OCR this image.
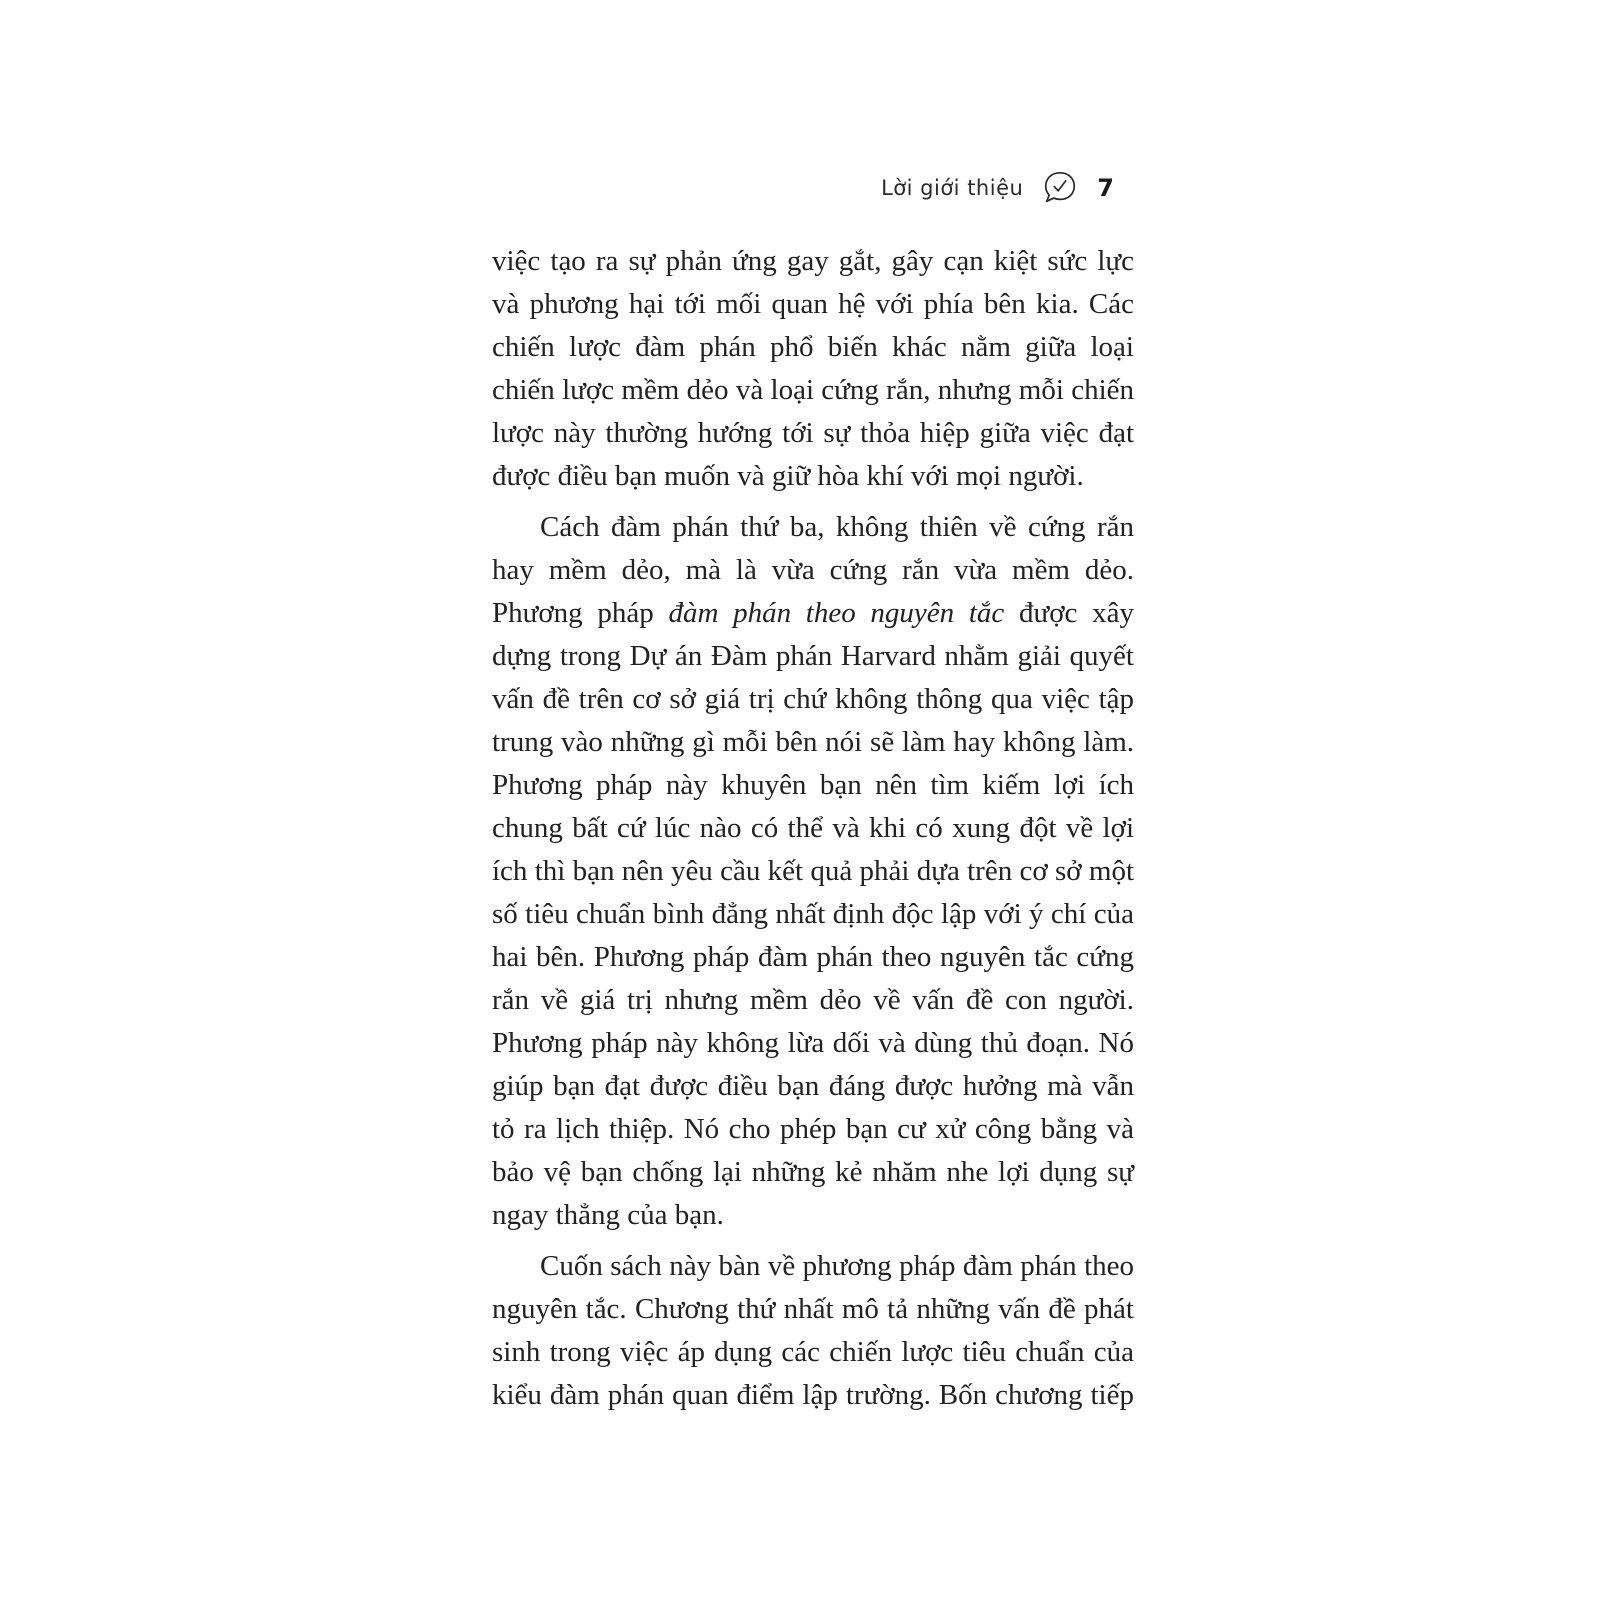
Lời giới thiệu	7

việc tạo ra sự phản ứng gay gắt, gây cạn kiệt sức lực và phương hại tới mối quan hệ với phía bên kia. Các chiến lược đàm phán phổ biến khác nằm giữa loại chiến lược mềm dẻo và loại cứng rắn, nhưng mỗi chiến lược này thường hướng tới sự thỏa hiệp giữa việc đạt được điều bạn muốn và giữ hòa khí với mọi người.

Cách đàm phán thứ ba, không thiên về cứng rắn hay mềm dẻo, mà là vừa cứng rắn vừa mềm dẻo. Phương pháp đàm phán theo nguyên tắc được xây dựng trong Dự án Đàm phán Harvard nhằm giải quyết vấn đề trên cơ sở giá trị chứ không thông qua việc tập trung vào những gì mỗi bên nói sẽ làm hay không làm. Phương pháp này khuyên bạn nên tìm kiếm lợi ích chung bất cứ lúc nào có thể và khi có xung đột về lợi ích thì bạn nên yêu cầu kết quả phải dựa trên cơ sở một số tiêu chuẩn bình đẳng nhất định độc lập với ý chí của hai bên. Phương pháp đàm phán theo nguyên tắc cứng rắn về giá trị nhưng mềm dẻo về vấn đề con người. Phương pháp này không lừa dối và dùng thủ đoạn. Nó giúp bạn đạt được điều bạn đáng được hưởng mà vẫn tỏ ra lịch thiệp. Nó cho phép bạn cư xử công bằng và bảo vệ bạn chống lại những kẻ nhăm nhe lợi dụng sự ngay thẳng của bạn.

Cuốn sách này bàn về phương pháp đàm phán theo nguyên tắc. Chương thứ nhất mô tả những vấn đề phát sinh trong việc áp dụng các chiến lược tiêu chuẩn của kiểu đàm phán quan điểm lập trường. Bốn chương tiếp
